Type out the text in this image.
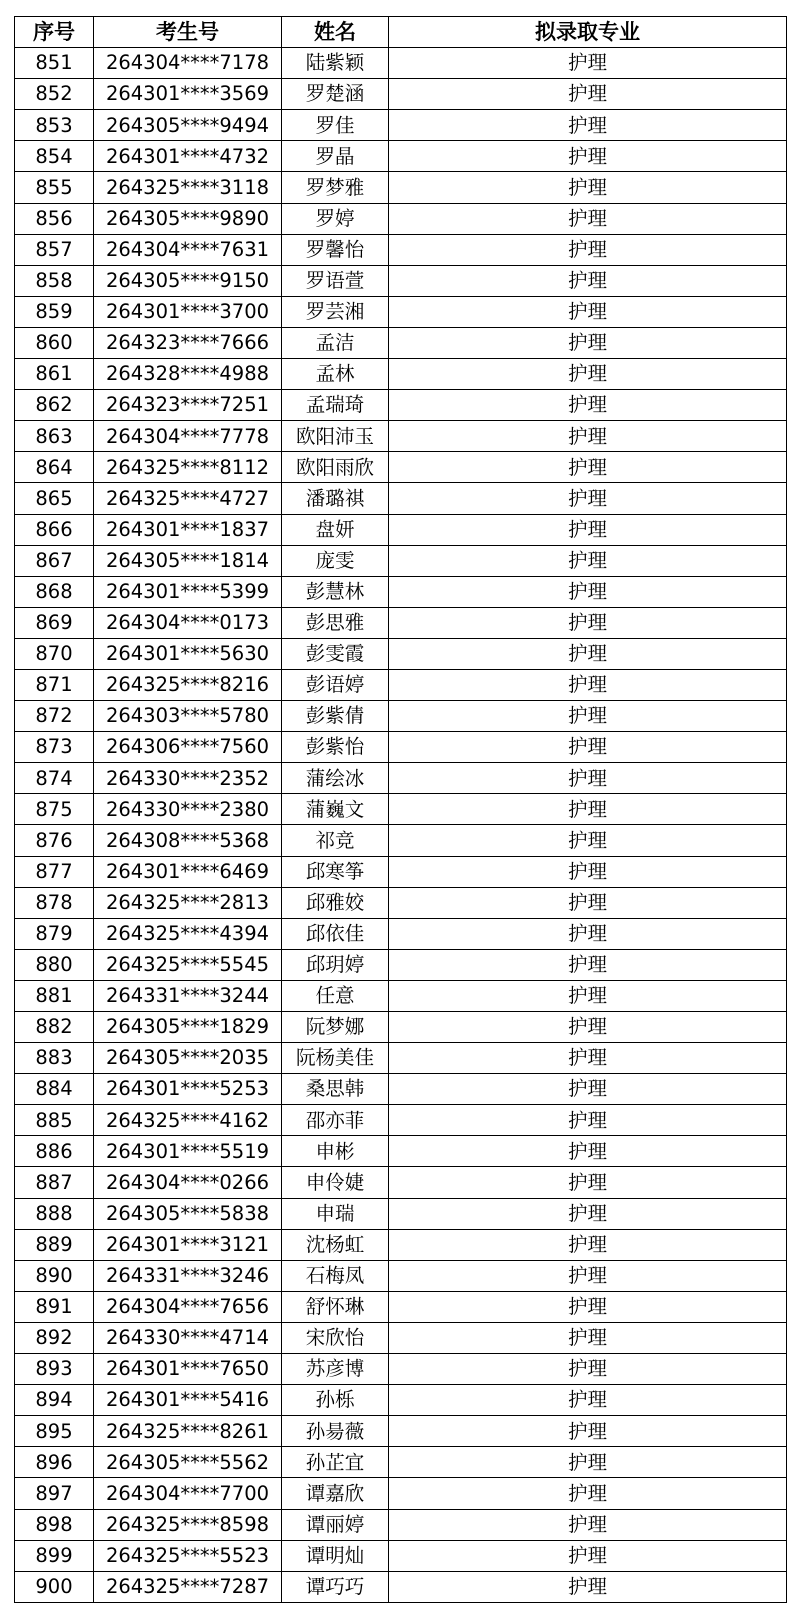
序号	考生号	姓名	拟录取专业
851	264304****7178	陆紫颖	护理
852	264301****3569	罗楚涵	护理
853	264305****9494	罗佳	护理
854	264301****4732	罗晶	护理
855	264325****3118	罗梦雅	护理
856	264305****9890	罗婷	护理
857	264304****7631	罗馨怡	护理
858	264305****9150	罗语萱	护理
859	264301****3700	罗芸湘	护理
860	264323****7666	孟洁	护理
861	264328****4988	孟林	护理
862	264323****7251	孟瑞琦	护理
863	264304****7778	欧阳沛玉	护理
864	264325****8112	欧阳雨欣	护理
865	264325****4727	潘璐祺	护理
866	264301****1837	盘妍	护理
867	264305****1814	庞雯	护理
868	264301****5399	彭慧林	护理
869	264304****0173	彭思雅	护理
870	264301****5630	彭雯霞	护理
871	264325****8216	彭语婷	护理
872	264303****5780	彭紫倩	护理
873	264306****7560	彭紫怡	护理
874	264330****2352	蒲绘冰	护理
875	264330****2380	蒲巍文	护理
876	264308****5368	祁竞	护理
877	264301****6469	邱寒筝	护理
878	264325****2813	邱雅姣	护理
879	264325****4394	邱依佳	护理
880	264325****5545	邱玥婷	护理
881	264331****3244	任意	护理
882	264305****1829	阮梦娜	护理
883	264305****2035	阮杨美佳	护理
884	264301****5253	桑思韩	护理
885	264325****4162	邵亦菲	护理
886	264301****5519	申彬	护理
887	264304****0266	申伶婕	护理
888	264305****5838	申瑞	护理
889	264301****3121	沈杨虹	护理
890	264331****3246	石梅凤	护理
891	264304****7656	舒怀琳	护理
892	264330****4714	宋欣怡	护理
893	264301****7650	苏彦博	护理
894	264301****5416	孙栎	护理
895	264325****8261	孙昜薇	护理
896	264305****5562	孙芷宜	护理
897	264304****7700	谭嘉欣	护理
898	264325****8598	谭丽婷	护理
899	264325****5523	谭明灿	护理
900	264325****7287	谭巧巧	护理
